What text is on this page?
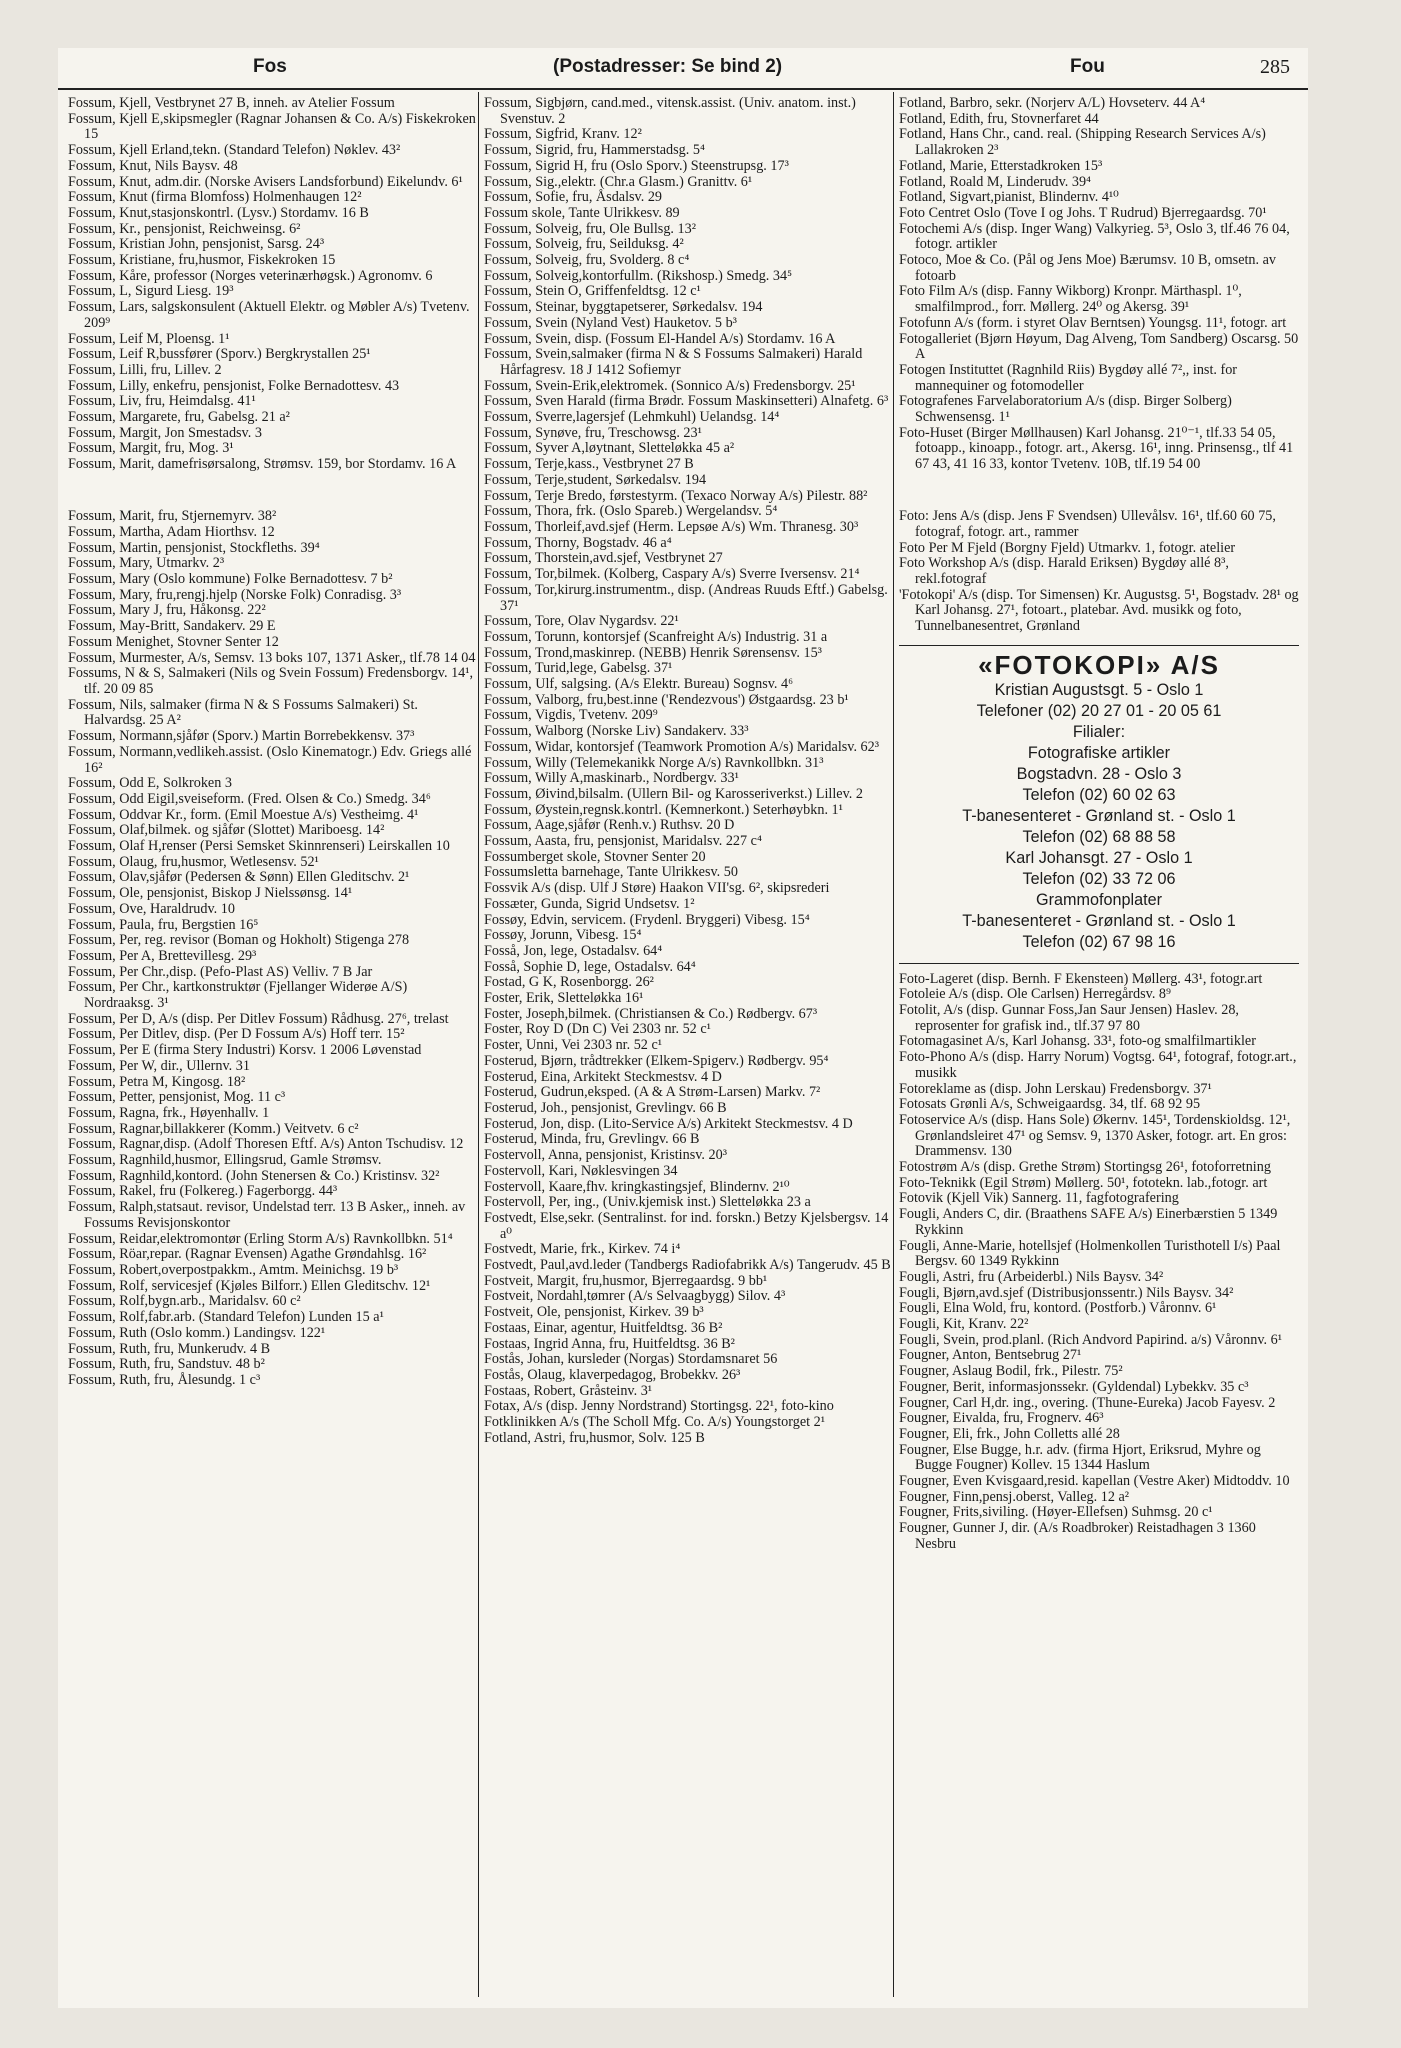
Fos	(Postadresser: Se bind 2)	Fou	285

Fossum, Kjell, Vestbrynet 27 B, inneh. av Atelier Fossum

Fossum, Kjell E,skipsmegler (Ragnar Johansen & Co. A/s) Fiskekroken 15

Fossum, Kjell Erland,tekn. (Standard Telefon) Nøklev. 43²

Fossum, Knut, Nils Baysv. 48

Fossum, Knut, adm.dir. (Norske Avisers Landsforbund) Eikelundv. 6¹

Fossum, Knut (firma Blomfoss) Holmenhaugen 12²

Fossum, Knut,stasjonskontrl. (Lysv.) Stordamv. 16 B

Fossum, Kr., pensjonist, Reichweinsg. 6²

Fossum, Kristian John, pensjonist, Sarsg. 24³

Fossum, Kristiane, fru,husmor, Fiskekroken 15

Fossum, Kåre, professor (Norges veterinærhøgsk.) Agronomv. 6

Fossum, L, Sigurd Liesg. 19³

Fossum, Lars, salgskonsulent (Aktuell Elektr. og Møbler A/s) Tvetenv. 209⁹

Fossum, Leif M, Ploensg. 1¹

Fossum, Leif R,bussfører (Sporv.) Bergkrystallen 25¹

Fossum, Lilli, fru, Lillev. 2

Fossum, Lilly, enkefru, pensjonist, Folke Bernadottesv. 43

Fossum, Liv, fru, Heimdalsg. 41¹

Fossum, Margarete, fru, Gabelsg. 21 a²

Fossum, Margit, Jon Smestadsv. 3

Fossum, Margit, fru, Mog. 3¹

Fossum, Marit, damefrisørsalong, Strømsv. 159, bor Stordamv. 16 A

Fossum, Marit, fru, Stjernemyrv. 38²

Fossum, Martha, Adam Hiorthsv. 12

Fossum, Martin, pensjonist, Stockfleths. 39⁴

Fossum, Mary, Utmarkv. 2³

Fossum, Mary (Oslo kommune) Folke Bernadottesv. 7 b²

Fossum, Mary, fru,rengj.hjelp (Norske Folk) Conradisg. 3³

Fossum, Mary J, fru, Håkonsg. 22²

Fossum, May-Britt, Sandakerv. 29 E

Fossum Menighet, Stovner Senter 12

Fossum, Murmester, A/s, Semsv. 13 boks 107, 1371 Asker,, tlf.78 14 04

Fossums, N & S, Salmakeri (Nils og Svein Fossum) Fredensborgv. 14¹, tlf. 20 09 85

Fossum, Nils, salmaker (firma N & S Fossums Salmakeri) St. Halvardsg. 25 A²

Fossum, Normann,sjåfør (Sporv.) Martin Borrebekkensv. 37³

Fossum, Normann,vedlikeh.assist. (Oslo Kinematogr.) Edv. Griegs allé 16²

Fossum, Odd E, Solkroken 3

Fossum, Odd Eigil,sveiseform. (Fred. Olsen & Co.) Smedg. 34⁶

Fossum, Oddvar Kr., form. (Emil Moestue A/s) Vestheimg. 4¹

Fossum, Olaf,bilmek. og sjåfør (Slottet) Mariboesg. 14²

Fossum, Olaf H,renser (Persi Semsket Skinnrenseri) Leirskallen 10

Fossum, Olaug, fru,husmor, Wetlesensv. 52¹

Fossum, Olav,sjåfør (Pedersen & Sønn) Ellen Gleditschv. 2¹

Fossum, Ole, pensjonist, Biskop J Nielssønsg. 14¹

Fossum, Ove, Haraldrudv. 10

Fossum, Paula, fru, Bergstien 16⁵

Fossum, Per, reg. revisor (Boman og Hokholt) Stigenga 278

Fossum, Per A, Brettevillesg. 29³

Fossum, Per Chr.,disp. (Pefo-Plast AS) Velliv. 7 B Jar

Fossum, Per Chr., kartkonstruktør (Fjellanger Widerøe A/S) Nordraaksg. 3¹

Fossum, Per D, A/s (disp. Per Ditlev Fossum) Rådhusg. 27⁶, trelast

Fossum, Per Ditlev, disp. (Per D Fossum A/s) Hoff terr. 15²

Fossum, Per E (firma Stery Industri) Korsv. 1 2006 Løvenstad

Fossum, Per W, dir., Ullernv. 31

Fossum, Petra M, Kingosg. 18²

Fossum, Petter, pensjonist, Mog. 11 c³

Fossum, Ragna, frk., Høyenhallv. 1

Fossum, Ragnar,billakkerer (Komm.) Veitvetv. 6 c²

Fossum, Ragnar,disp. (Adolf Thoresen Eftf. A/s) Anton Tschudisv. 12

Fossum, Ragnhild,husmor, Ellingsrud, Gamle Strømsv.

Fossum, Ragnhild,kontord. (John Stenersen & Co.) Kristinsv. 32²

Fossum, Rakel, fru (Folkereg.) Fagerborgg. 44³

Fossum, Ralph,statsaut. revisor, Undelstad terr. 13 B Asker,, inneh. av Fossums Revisjonskontor

Fossum, Reidar,elektromontør (Erling Storm A/s) Ravnkollbkn. 51⁴

Fossum, Röar,repar. (Ragnar Evensen) Agathe Grøndahlsg. 16²

Fossum, Robert,overpostpakkm., Amtm. Meinichsg. 19 b³

Fossum, Rolf, servicesjef (Kjøles Bilforr.) Ellen Gleditschv. 12¹

Fossum, Rolf,bygn.arb., Maridalsv. 60 c²

Fossum, Rolf,fabr.arb. (Standard Telefon) Lunden 15 a¹

Fossum, Ruth (Oslo komm.) Landingsv. 122¹

Fossum, Ruth, fru, Munkerudv. 4 B

Fossum, Ruth, fru, Sandstuv. 48 b²

Fossum, Ruth, fru, Ålesundg. 1 c³

Fossum, Sigbjørn, cand.med., vitensk.assist. (Univ. anatom. inst.) Svenstuv. 2

Fossum, Sigfrid, Kranv. 12²

Fossum, Sigrid, fru, Hammerstadsg. 5⁴

Fossum, Sigrid H, fru (Oslo Sporv.) Steenstrupsg. 17³

Fossum, Sig.,elektr. (Chr.a Glasm.) Granittv. 6¹

Fossum, Sofie, fru, Åsdalsv. 29

Fossum skole, Tante Ulrikkesv. 89

Fossum, Solveig, fru, Ole Bullsg. 13²

Fossum, Solveig, fru, Seilduksg. 4²

Fossum, Solveig, fru, Svolderg. 8 c⁴

Fossum, Solveig,kontorfullm. (Rikshosp.) Smedg. 34⁵

Fossum, Stein O, Griffenfeldtsg. 12 c¹

Fossum, Steinar, byggtapetserer, Sørkedalsv. 194

Fossum, Svein (Nyland Vest) Hauketov. 5 b³

Fossum, Svein, disp. (Fossum El-Handel A/s) Stordamv. 16 A

Fossum, Svein,salmaker (firma N & S Fossums Salmakeri) Harald Hårfagresv. 18 J 1412 Sofiemyr

Fossum, Svein-Erik,elektromek. (Sonnico A/s) Fredensborgv. 25¹

Fossum, Sven Harald (firma Brødr. Fossum Maskinsetteri) Alnafetg. 6³

Fossum, Sverre,lagersjef (Lehmkuhl) Uelandsg. 14⁴

Fossum, Synøve, fru, Treschowsg. 23¹

Fossum, Syver A,løytnant, Sletteløkka 45 a²

Fossum, Terje,kass., Vestbrynet 27 B

Fossum, Terje,student, Sørkedalsv. 194

Fossum, Terje Bredo, førstestyrm. (Texaco Norway A/s) Pilestr. 88²

Fossum, Thora, frk. (Oslo Spareb.) Wergelandsv. 5⁴

Fossum, Thorleif,avd.sjef (Herm. Lepsøe A/s) Wm. Thranesg. 30³

Fossum, Thorny, Bogstadv. 46 a⁴

Fossum, Thorstein,avd.sjef, Vestbrynet 27

Fossum, Tor,bilmek. (Kolberg, Caspary A/s) Sverre Iversensv. 21⁴

Fossum, Tor,kirurg.instrumentm., disp. (Andreas Ruuds Eftf.) Gabelsg. 37¹

Fossum, Tore, Olav Nygardsv. 22¹

Fossum, Torunn, kontorsjef (Scanfreight A/s) Industrig. 31 a

Fossum, Trond,maskinrep. (NEBB) Henrik Sørensensv. 15³

Fossum, Turid,lege, Gabelsg. 37¹

Fossum, Ulf, salgsing. (A/s Elektr. Bureau) Sognsv. 4⁶

Fossum, Valborg, fru,best.inne ('Rendezvous') Østgaardsg. 23 b¹

Fossum, Vigdis, Tvetenv. 209⁹

Fossum, Walborg (Norske Liv) Sandakerv. 33³

Fossum, Widar, kontorsjef (Teamwork Promotion A/s) Maridalsv. 62³

Fossum, Willy (Telemekanikk Norge A/s) Ravnkollbkn. 31³

Fossum, Willy A,maskinarb., Nordbergv. 33¹

Fossum, Øivind,bilsalm. (Ullern Bil- og Karosseriverkst.) Lillev. 2

Fossum, Øystein,regnsk.kontrl. (Kemnerkont.) Seterhøybkn. 1¹

Fossum, Aage,sjåfør (Renh.v.) Ruthsv. 20 D

Fossum, Aasta, fru, pensjonist, Maridalsv. 227 c⁴

Fossumberget skole, Stovner Senter 20

Fossumsletta barnehage, Tante Ulrikkesv. 50

Fossvik A/s (disp. Ulf J Støre) Haakon VII'sg. 6², skipsrederi

Fossæter, Gunda, Sigrid Undsetsv. 1²

Fossøy, Edvin, servicem. (Frydenl. Bryggeri) Vibesg. 15⁴

Fossøy, Jorunn, Vibesg. 15⁴

Fosså, Jon, lege, Ostadalsv. 64⁴

Fosså, Sophie D, lege, Ostadalsv. 64⁴

Fostad, G K, Rosenborgg. 26²

Foster, Erik, Sletteløkka 16¹

Foster, Joseph,bilmek. (Christiansen & Co.) Rødbergv. 67³

Foster, Roy D (Dn C) Vei 2303 nr. 52 c¹

Foster, Unni, Vei 2303 nr. 52 c¹

Fosterud, Bjørn, trådtrekker (Elkem-Spigerv.) Rødbergv. 95⁴

Fosterud, Eina, Arkitekt Steckmestsv. 4 D

Fosterud, Gudrun,eksped. (A & A Strøm-Larsen) Markv. 7²

Fosterud, Joh., pensjonist, Grevlingv. 66 B

Fosterud, Jon, disp. (Lito-Service A/s) Arkitekt Steckmestsv. 4 D

Fosterud, Minda, fru, Grevlingv. 66 B

Fostervoll, Anna, pensjonist, Kristinsv. 20³

Fostervoll, Kari, Nøklesvingen 34

Fostervoll, Kaare,fhv. kringkastingsjef, Blindernv. 2¹⁰

Fostervoll, Per, ing., (Univ.kjemisk inst.) Sletteløkka 23 a

Fostvedt, Else,sekr. (Sentralinst. for ind. forskn.) Betzy Kjelsbergsv. 14 a⁰

Fostvedt, Marie, frk., Kirkev. 74 i⁴

Fostvedt, Paul,avd.leder (Tandbergs Radiofabrikk A/s) Tangerudv. 45 B

Fostveit, Margit, fru,husmor, Bjerregaardsg. 9 bb¹

Fostveit, Nordahl,tømrer (A/s Selvaagbygg) Silov. 4³

Fostveit, Ole, pensjonist, Kirkev. 39 b³

Fostaas, Einar, agentur, Huitfeldtsg. 36 B²

Fostaas, Ingrid Anna, fru, Huitfeldtsg. 36 B²

Fostås, Johan, kursleder (Norgas) Stordamsnaret 56

Fostås, Olaug, klaverpedagog, Brobekkv. 26³

Fostaas, Robert, Gråsteinv. 3¹

Fotax, A/s (disp. Jenny Nordstrand) Stortingsg. 22¹, foto-kino

Fotklinikken A/s (The Scholl Mfg. Co. A/s) Youngstorget 2¹

Fotland, Astri, fru,husmor, Solv. 125 B

Fotland, Barbro, sekr. (Norjerv A/L) Hovseterv. 44 A⁴

Fotland, Edith, fru, Stovnerfaret 44

Fotland, Hans Chr., cand. real. (Shipping Research Services A/s) Lallakroken 2³

Fotland, Marie, Etterstadkroken 15³

Fotland, Roald M, Linderudv. 39⁴

Fotland, Sigvart,pianist, Blindernv. 4¹⁰

Foto Centret Oslo (Tove I og Johs. T Rudrud) Bjerregaardsg. 70¹

Fotochemi A/s (disp. Inger Wang) Valkyrieg. 5³, Oslo 3, tlf.46 76 04, fotogr. artikler

Fotoco, Moe & Co. (Pål og Jens Moe) Bærumsv. 10 B, omsetn. av fotoarb

Foto Film A/s (disp. Fanny Wikborg) Kronpr. Märthaspl. 1⁰, smalfilmprod., forr. Møllerg. 24⁰ og Akersg. 39¹

Fotofunn A/s (form. i styret Olav Berntsen) Youngsg. 11¹, fotogr. art

Fotogalleriet (Bjørn Høyum, Dag Alveng, Tom Sandberg) Oscarsg. 50 A

Fotogen Instituttet (Ragnhild Riis) Bygdøy allé 7²,, inst. for mannequiner og fotomodeller

Fotografenes Farvelaboratorium A/s (disp. Birger Solberg) Schwensensg. 1¹

Foto-Huset (Birger Møllhausen) Karl Johansg. 21⁰⁻¹, tlf.33 54 05, fotoapp., kinoapp., fotogr. art., Akersg. 16¹, inng. Prinsensg., tlf 41 67 43, 41 16 33, kontor Tvetenv. 10B, tlf.19 54 00

Foto: Jens A/s (disp. Jens F Svendsen) Ullevålsv. 16¹, tlf.60 60 75, fotograf, fotogr. art., rammer

Foto Per M Fjeld (Borgny Fjeld) Utmarkv. 1, fotogr. atelier

Foto Workshop A/s (disp. Harald Eriksen) Bygdøy allé 8³, rekl.fotograf

'Fotokopi' A/s (disp. Tor Simensen) Kr. Augustsg. 5¹, Bogstadv. 28¹ og Karl Johansg. 27¹, fotoart., platebar. Avd. musikk og foto, Tunnelbanesentret, Grønland

«FOTOKOPI» A/S
Kristian Augustsgt. 5 - Oslo 1
Telefoner (02) 20 27 01 - 20 05 61
Filialer:
Fotografiske artikler
Bogstadvn. 28 - Oslo 3
Telefon (02) 60 02 63
T-banesenteret - Grønland st. - Oslo 1
Telefon (02) 68 88 58
Karl Johansgt. 27 - Oslo 1
Telefon (02) 33 72 06
Grammofonplater
T-banesenteret - Grønland st. - Oslo 1
Telefon (02) 67 98 16

Foto-Lageret (disp. Bernh. F Ekensteen) Møllerg. 43¹, fotogr.art

Fotoleie A/s (disp. Ole Carlsen) Herregårdsv. 8⁹

Fotolit, A/s (disp. Gunnar Foss,Jan Saur Jensen) Haslev. 28, reprosenter for grafisk ind., tlf.37 97 80

Fotomagasinet A/s, Karl Johansg. 33¹, foto-og smalfilmartikler

Foto-Phono A/s (disp. Harry Norum) Vogtsg. 64¹, fotograf, fotogr.art., musikk

Fotoreklame as (disp. John Lerskau) Fredensborgv. 37¹

Fotosats Grønli A/s, Schweigaardsg. 34, tlf. 68 92 95

Fotoservice A/s (disp. Hans Sole) Økernv. 145¹, Tordenskioldsg. 12¹, Grønlandsleiret 47¹ og Semsv. 9, 1370 Asker, fotogr. art. En gros: Drammensv. 130

Fotostrøm A/s (disp. Grethe Strøm) Stortingsg 26¹, fotoforretning

Foto-Teknikk (Egil Strøm) Møllerg. 50¹, fototekn. lab.,fotogr. art

Fotovik (Kjell Vik) Sannerg. 11, fagfotografering

Fougli, Anders C, dir. (Braathens SAFE A/s) Einerbærstien 5 1349 Rykkinn

Fougli, Anne-Marie, hotellsjef (Holmenkollen Turisthotell I/s) Paal Bergsv. 60 1349 Rykkinn

Fougli, Astri, fru (Arbeiderbl.) Nils Baysv. 34²

Fougli, Bjørn,avd.sjef (Distribusjonssentr.) Nils Baysv. 34²

Fougli, Elna Wold, fru, kontord. (Postforb.) Våronnv. 6¹

Fougli, Kit, Kranv. 22²

Fougli, Svein, prod.planl. (Rich Andvord Papirind. a/s) Våronnv. 6¹

Fougner, Anton, Bentsebrug 27¹

Fougner, Aslaug Bodil, frk., Pilestr. 75²

Fougner, Berit, informasjonssekr. (Gyldendal) Lybekkv. 35 c³

Fougner, Carl H,dr. ing., overing. (Thune-Eureka) Jacob Fayesv. 2

Fougner, Eivalda, fru, Frognerv. 46³

Fougner, Eli, frk., John Colletts allé 28

Fougner, Else Bugge, h.r. adv. (firma Hjort, Eriksrud, Myhre og Bugge Fougner) Kollev. 15 1344 Haslum

Fougner, Even Kvisgaard,resid. kapellan (Vestre Aker) Midtoddv. 10

Fougner, Finn,pensj.oberst, Valleg. 12 a²

Fougner, Frits,siviling. (Høyer-Ellefsen) Suhmsg. 20 c¹

Fougner, Gunner J, dir. (A/s Roadbroker) Reistadhagen 3 1360 Nesbru
